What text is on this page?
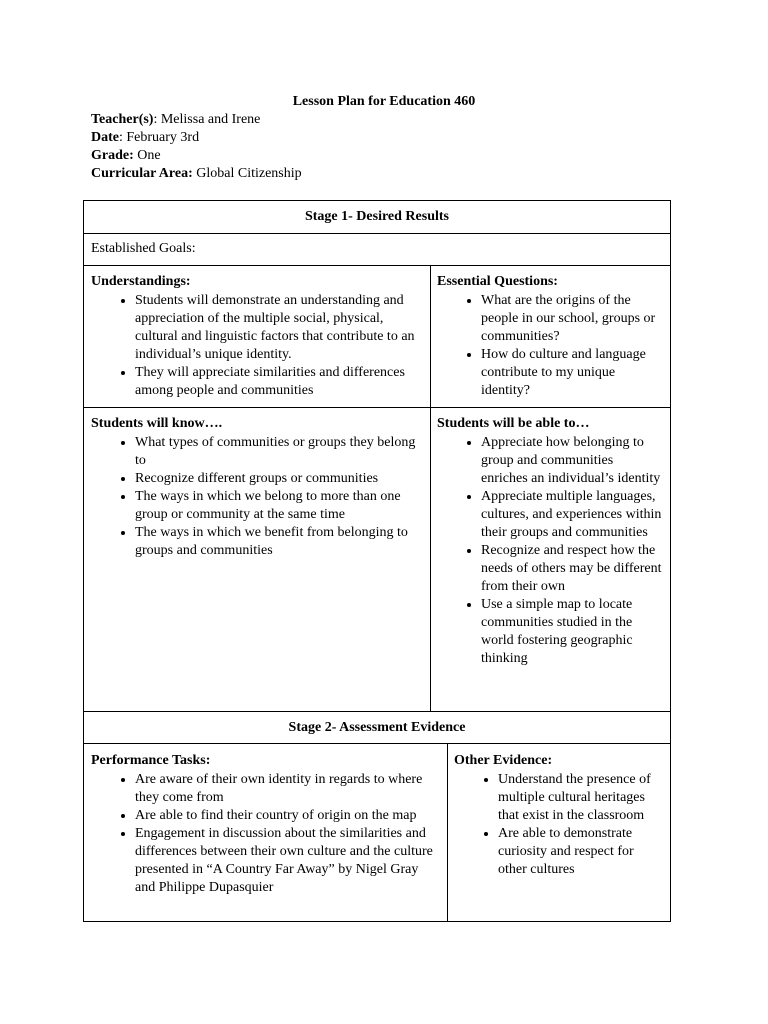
Lesson Plan for Education 460
Teacher(s): Melissa and Irene
Date: February 3rd
Grade: One
Curricular Area: Global Citizenship
Stage 1- Desired Results
Established Goals:
Understandings:
• Students will demonstrate an understanding and appreciation of the multiple social, physical, cultural and linguistic factors that contribute to an individual’s unique identity.
• They will appreciate similarities and differences among people and communities
Essential Questions:
• What are the origins of the people in our school, groups or communities?
• How do culture and language contribute to my unique identity?
Students will know….
• What types of communities or groups they belong to
• Recognize different groups or communities
• The ways in which we belong to more than one group or community at the same time
• The ways in which we benefit from belonging to groups and communities
Students will be able to…
• Appreciate how belonging to group and communities enriches an individual’s identity
• Appreciate multiple languages, cultures, and experiences within their groups and communities
• Recognize and respect how the needs of others may be different from their own
• Use a simple map to locate communities studied in the world fostering geographic thinking
Stage 2- Assessment Evidence
Performance Tasks:
• Are aware of their own identity in regards to where they come from
• Are able to find their country of origin on the map
• Engagement in discussion about the similarities and differences between their own culture and the culture presented in “A Country Far Away” by Nigel Gray and Philippe Dupasquier
Other Evidence:
• Understand the presence of multiple cultural heritages that exist in the classroom
• Are able to demonstrate curiosity and respect for other cultures
